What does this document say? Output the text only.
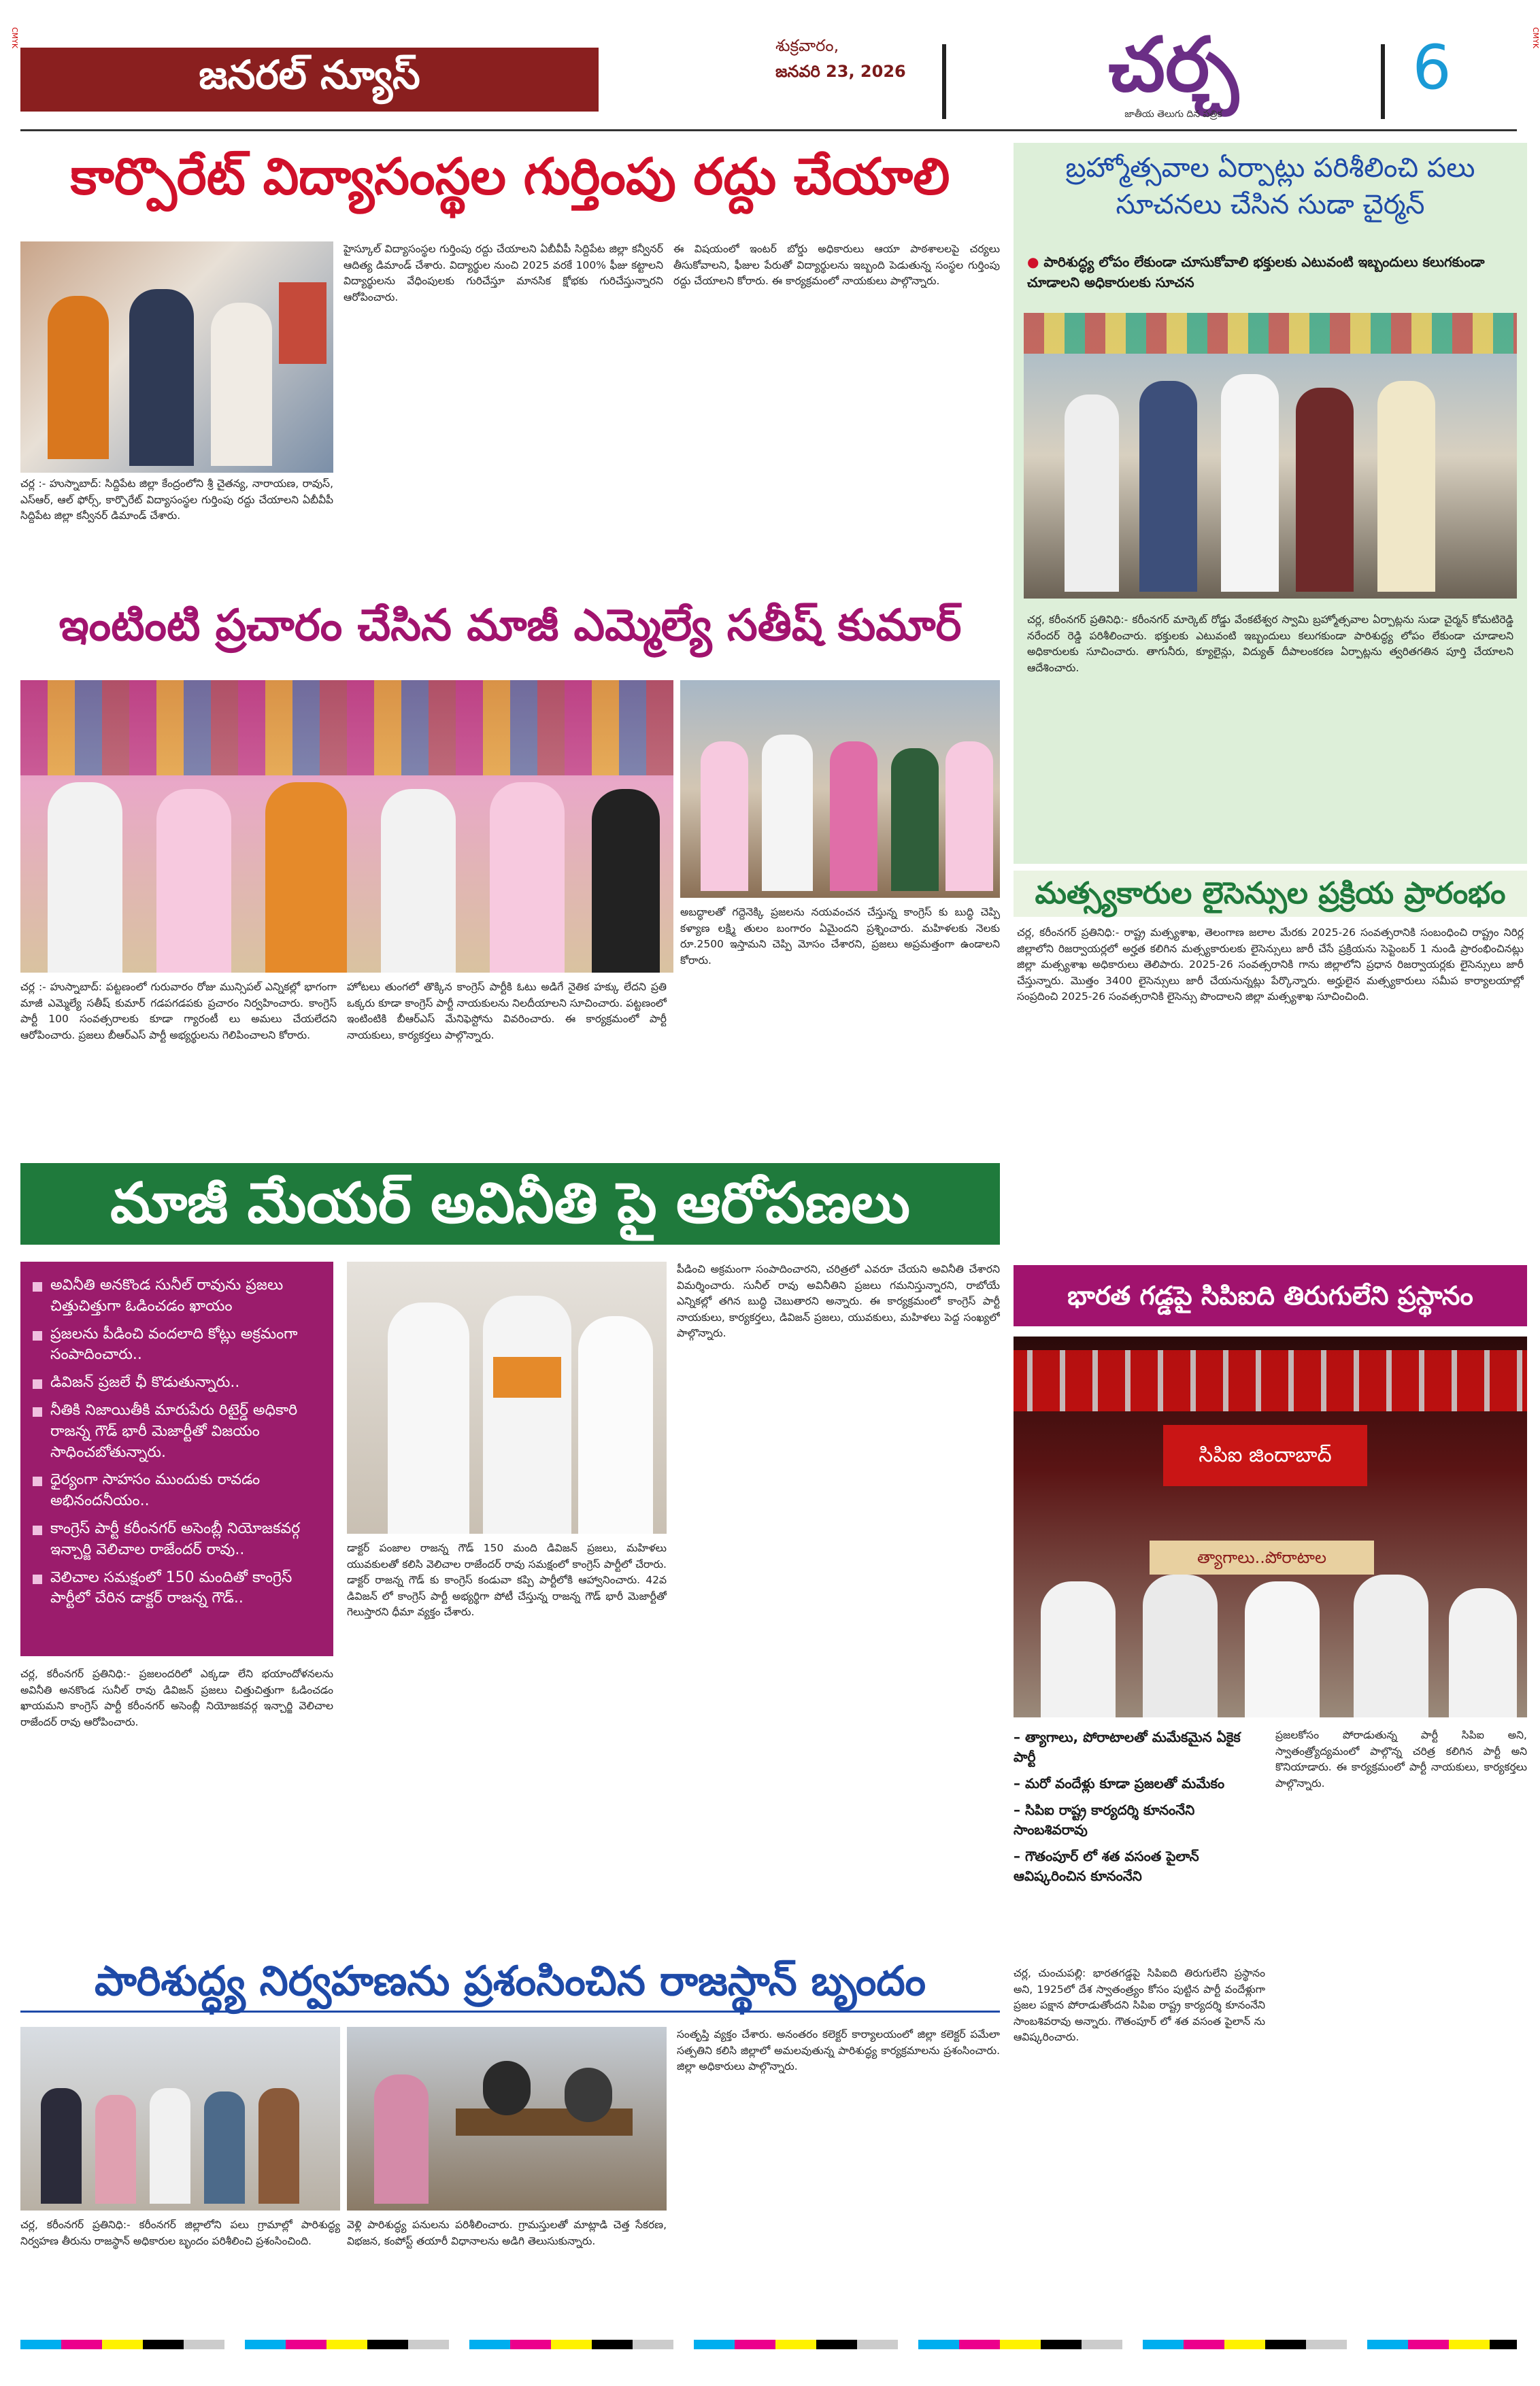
CMYK	CMYK
జనరల్ న్యూస్
శుక్రవారం,
జనవరి 23, 2026	చర్చ
జాతీయ తెలుగు దిన పత్రిక
6
కార్పొరేట్ విద్యాసంస్థల గుర్తింపు రద్దు చేయాలి
చర్ల :- హుస్నాబాద్: సిద్దిపేట జిల్లా కేంద్రంలోని శ్రీ చైతన్య, నారాయణ, రావుస్, ఎస్ఆర్, ఆల్ ఫోర్స్, కార్పొరేట్ విద్యాసంస్థల గుర్తింపు రద్దు చేయాలని ఏబీవీపీ సిద్దిపేట జిల్లా కన్వీనర్ డిమాండ్ చేశారు.
హైస్కూల్ విద్యాసంస్థల గుర్తింపు రద్దు చేయాలని ఏబీవీపీ సిద్దిపేట జిల్లా కన్వీనర్ ఆదిత్య డిమాండ్ చేశారు. విద్యార్థుల నుంచి 2025 వరకే 100% ఫీజు కట్టాలని విద్యార్థులను వేధింపులకు గురిచేస్తూ మానసిక క్షోభకు గురిచేస్తున్నారని ఆరోపించారు.
ఈ విషయంలో ఇంటర్ బోర్డు అధికారులు ఆయా పాఠశాలలపై చర్యలు తీసుకోవాలని, ఫీజుల పేరుతో విద్యార్థులను ఇబ్బంది పెడుతున్న సంస్థల గుర్తింపు రద్దు చేయాలని కోరారు. ఈ కార్యక్రమంలో నాయకులు పాల్గొన్నారు.
బ్రహ్మోత్సవాల ఏర్పాట్లు పరిశీలించి పలు సూచనలు చేసిన సుడా చైర్మన్
● పారిశుద్ధ్య లోపం లేకుండా చూసుకోవాలి భక్తులకు ఎటువంటి ఇబ్బందులు కలుగకుండా చూడాలని అధికారులకు సూచన
చర్ల, కరీంనగర్ ప్రతినిధి:- కరీంనగర్ మార్కెట్ రోడ్డు వేంకటేశ్వర స్వామి బ్రహ్మోత్సవాల ఏర్పాట్లను సుడా చైర్మన్ కోమటిరెడ్డి నరేందర్ రెడ్డి పరిశీలించారు. భక్తులకు ఎటువంటి ఇబ్బందులు కలుగకుండా పారిశుద్ధ్య లోపం లేకుండా చూడాలని అధికారులకు సూచించారు. తాగునీరు, క్యూలైన్లు, విద్యుత్ దీపాలంకరణ ఏర్పాట్లను త్వరితగతిన పూర్తి చేయాలని ఆదేశించారు.
మత్స్యకారుల లైసెన్సుల ప్రక్రియ ప్రారంభం
చర్ల, కరీంనగర్ ప్రతినిధి:- రాష్ట్ర మత్స్యశాఖ, తెలంగాణ జలాల మేరకు 2025-26 సంవత్సరానికి సంబంధించి రాష్ట్రం నిరిర్ల జిల్లాలోని రిజర్వాయర్లలో అర్హత కలిగిన మత్స్యకారులకు లైసెన్సులు జారీ చేసే ప్రక్రియను సెప్టెంబర్ 1 నుండి ప్రారంభించినట్లు జిల్లా మత్స్యశాఖ అధికారులు తెలిపారు. 2025-26 సంవత్సరానికి గాను జిల్లాలోని ప్రధాన రిజర్వాయర్లకు లైసెన్సులు జారీ చేస్తున్నారు. మొత్తం 3400 లైసెన్సులు జారీ చేయనున్నట్లు పేర్కొన్నారు. అర్హులైన మత్స్యకారులు సమీప కార్యాలయాల్లో సంప్రదించి 2025-26 సంవత్సరానికి లైసెన్సు పొందాలని జిల్లా మత్స్యశాఖ సూచించింది.
ఇంటింటి ప్రచారం చేసిన మాజీ ఎమ్మెల్యే సతీష్ కుమార్
చర్ల :- హుస్నాబాద్: పట్టణంలో గురువారం రోజు మున్సిపల్ ఎన్నికల్లో భాగంగా మాజీ ఎమ్మెల్యే సతీష్ కుమార్ గడపగడపకు ప్రచారం నిర్వహించారు. కాంగ్రెస్ పార్టీ 100 సంవత్సరాలకు కూడా గ్యారంటీ లు అమలు చేయలేదని ఆరోపించారు. ప్రజలు బీఆర్ఎస్ పార్టీ అభ్యర్థులను గెలిపించాలని కోరారు.
హోటలు తుంగలో తొక్కిన కాంగ్రెస్ పార్టీకి ఓటు అడిగే నైతిక హక్కు లేదని ప్రతి ఒక్కరు కూడా కాంగ్రెస్ పార్టీ నాయకులను నిలదీయాలని సూచించారు. పట్టణంలో ఇంటింటికి బీఆర్ఎస్ మేనిఫెస్టోను వివరించారు. ఈ కార్యక్రమంలో పార్టీ నాయకులు, కార్యకర్తలు పాల్గొన్నారు.
అబద్ధాలతో గద్దెనెక్కి ప్రజలను నయవంచన చేస్తున్న కాంగ్రెస్ కు బుద్ధి చెప్పి కళ్యాణ లక్ష్మి తులం బంగారం ఏమైందని ప్రశ్నించారు. మహిళలకు నెలకు రూ.2500 ఇస్తామని చెప్పి మోసం చేశారని, ప్రజలు అప్రమత్తంగా ఉండాలని కోరారు.
మాజీ మేయర్ అవినీతి పై ఆరోపణలు
అవినీతి అనకొండ సునీల్ రావును ప్రజలు చిత్తుచిత్తుగా ఓడించడం ఖాయం
ప్రజలను పీడించి వందలాది కోట్లు అక్రమంగా సంపాదించారు..
డివిజన్ ప్రజలే ఛీ కొడుతున్నారు..
నీతికి నిజాయితీకి మారుపేరు రిటైర్డ్ అధికారి రాజన్న గౌడ్ భారీ మెజార్టీతో విజయం సాధించబోతున్నారు.
ధైర్యంగా సాహసం ముందుకు రావడం అభినందనీయం..
కాంగ్రెస్ పార్టీ కరీంనగర్ అసెంబ్లీ నియోజకవర్గ ఇన్చార్జి వెలిచాల రాజేందర్ రావు..
వెలిచాల సమక్షంలో 150 మందితో కాంగ్రెస్ పార్టీలో చేరిన డాక్టర్ రాజన్న గౌడ్..
చర్ల, కరీంనగర్ ప్రతినిధి:- ప్రజలందరిలో ఎక్కడా లేని భయాందోళనలను అవినీతి అనకొండ సునీల్ రావు డివిజన్ ప్రజలు చిత్తుచిత్తుగా ఓడించడం ఖాయమని కాంగ్రెస్ పార్టీ కరీంనగర్ అసెంబ్లీ నియోజకవర్గ ఇన్చార్జి వెలిచాల రాజేందర్ రావు ఆరోపించారు.
డాక్టర్ పంజాల రాజన్న గౌడ్ 150 మంది డివిజన్ ప్రజలు, మహిళలు యువకులతో కలిసి వెలిచాల రాజేందర్ రావు సమక్షంలో కాంగ్రెస్ పార్టీలో చేరారు. డాక్టర్ రాజన్న గౌడ్ కు కాంగ్రెస్ కండువా కప్పి పార్టీలోకి ఆహ్వానించారు. 42వ డివిజన్ లో కాంగ్రెస్ పార్టీ అభ్యర్థిగా పోటీ చేస్తున్న రాజన్న గౌడ్ భారీ మెజార్టీతో గెలుస్తారని ధీమా వ్యక్తం చేశారు.
పీడించి అక్రమంగా సంపాదించారని, చరిత్రలో ఎవరూ చేయని అవినీతి చేశారని విమర్శించారు. సునీల్ రావు అవినీతిని ప్రజలు గమనిస్తున్నారని, రాబోయే ఎన్నికల్లో తగిన బుద్ధి చెబుతారని అన్నారు. ఈ కార్యక్రమంలో కాంగ్రెస్ పార్టీ నాయకులు, కార్యకర్తలు, డివిజన్ ప్రజలు, యువకులు, మహిళలు పెద్ద సంఖ్యలో పాల్గొన్నారు.
భారత గడ్డపై సిపిఐది తిరుగులేని ప్రస్థానం
సిపిఐ జిందాబాద్
త్యాగాలు..పోరాటాల
– త్యాగాలు, పోరాటాలతో మమేకమైన ఏకైక పార్టీ
– మరో వందేళ్లు కూడా ప్రజలతో మమేకం
– సిపిఐ రాష్ట్ర కార్యదర్శి కూనంనేని సాంబశివరావు
– గౌతంపూర్ లో శత వసంత పైలాన్ ఆవిష్కరించిన కూనంనేని
చర్ల, చుంచుపల్లి: భారతగడ్డపై సిపిఐది తిరుగులేని ప్రస్థానం అని, 1925లో దేశ స్వాతంత్ర్యం కోసం పుట్టిన పార్టీ వందేళ్లుగా ప్రజల పక్షాన పోరాడుతోందని సిపిఐ రాష్ట్ర కార్యదర్శి కూనంనేని సాంబశివరావు అన్నారు. గౌతంపూర్ లో శత వసంత పైలాన్ ను ఆవిష్కరించారు.
ప్రజలకోసం పోరాడుతున్న పార్టీ సిపిఐ అని, స్వాతంత్ర్యోద్యమంలో పాల్గొన్న చరిత్ర కలిగిన పార్టీ అని కొనియాడారు. ఈ కార్యక్రమంలో పార్టీ నాయకులు, కార్యకర్తలు పాల్గొన్నారు.
పారిశుద్ధ్య నిర్వహణను ప్రశంసించిన రాజస్థాన్ బృందం
చర్ల, కరీంనగర్ ప్రతినిధి:- కరీంనగర్ జిల్లాలోని పలు గ్రామాల్లో పారిశుద్ధ్య నిర్వహణ తీరును రాజస్థాన్ అధికారుల బృందం పరిశీలించి ప్రశంసించింది.
వెళ్లి పారిశుద్ధ్య పనులను పరిశీలించారు. గ్రామస్తులతో మాట్లాడి చెత్త సేకరణ, విభజన, కంపోస్ట్ తయారీ విధానాలను అడిగి తెలుసుకున్నారు.
సంతృప్తి వ్యక్తం చేశారు. అనంతరం కలెక్టర్ కార్యాలయంలో జిల్లా కలెక్టర్ పమేలా సత్పతిని కలిసి జిల్లాలో అమలవుతున్న పారిశుద్ధ్య కార్యక్రమాలను ప్రశంసించారు. జిల్లా అధికారులు పాల్గొన్నారు.
